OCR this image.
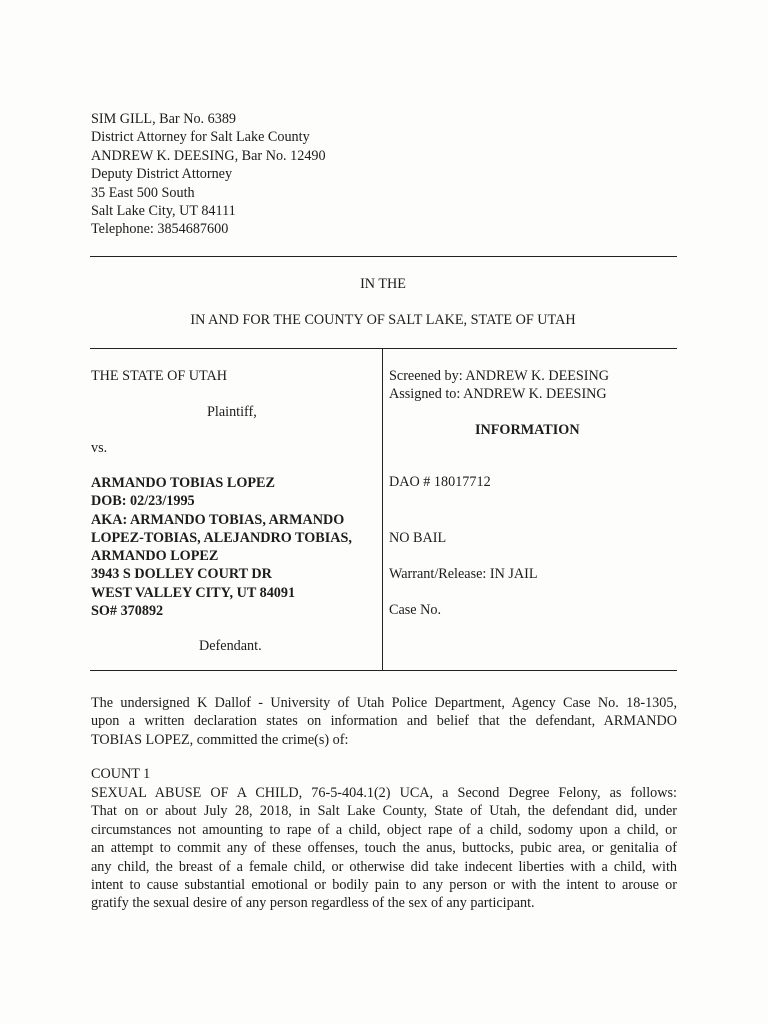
SIM GILL, Bar No. 6389
District Attorney for Salt Lake County
ANDREW K. DEESING, Bar No. 12490
Deputy District Attorney
35 East 500 South
Salt Lake City, UT 84111
Telephone: 3854687600
IN THE
IN AND FOR THE COUNTY OF SALT LAKE, STATE OF UTAH
THE STATE OF UTAH
Plaintiff,
vs.
ARMANDO TOBIAS LOPEZ
DOB: 02/23/1995
AKA: ARMANDO TOBIAS, ARMANDO
LOPEZ-TOBIAS, ALEJANDRO TOBIAS,
ARMANDO LOPEZ
3943 S DOLLEY COURT DR
WEST VALLEY CITY, UT 84091
SO# 370892
Defendant.
Screened by: ANDREW K. DEESING
Assigned to: ANDREW K. DEESING
INFORMATION
DAO # 18017712
NO BAIL
Warrant/Release: IN JAIL
Case No.
The undersigned K Dallof - University of Utah Police Department, Agency Case No. 18-1305,
upon a written declaration states on information and belief that the defendant, ARMANDO
TOBIAS LOPEZ, committed the crime(s) of:
COUNT 1
SEXUAL ABUSE OF A CHILD, 76-5-404.1(2) UCA, a Second Degree Felony, as follows:
That on or about July 28, 2018, in Salt Lake County, State of Utah, the defendant did, under
circumstances not amounting to rape of a child, object rape of a child, sodomy upon a child, or
an attempt to commit any of these offenses, touch the anus, buttocks, pubic area, or genitalia of
any child, the breast of a female child, or otherwise did take indecent liberties with a child, with
intent to cause substantial emotional or bodily pain to any person or with the intent to arouse or
gratify the sexual desire of any person regardless of the sex of any participant.
